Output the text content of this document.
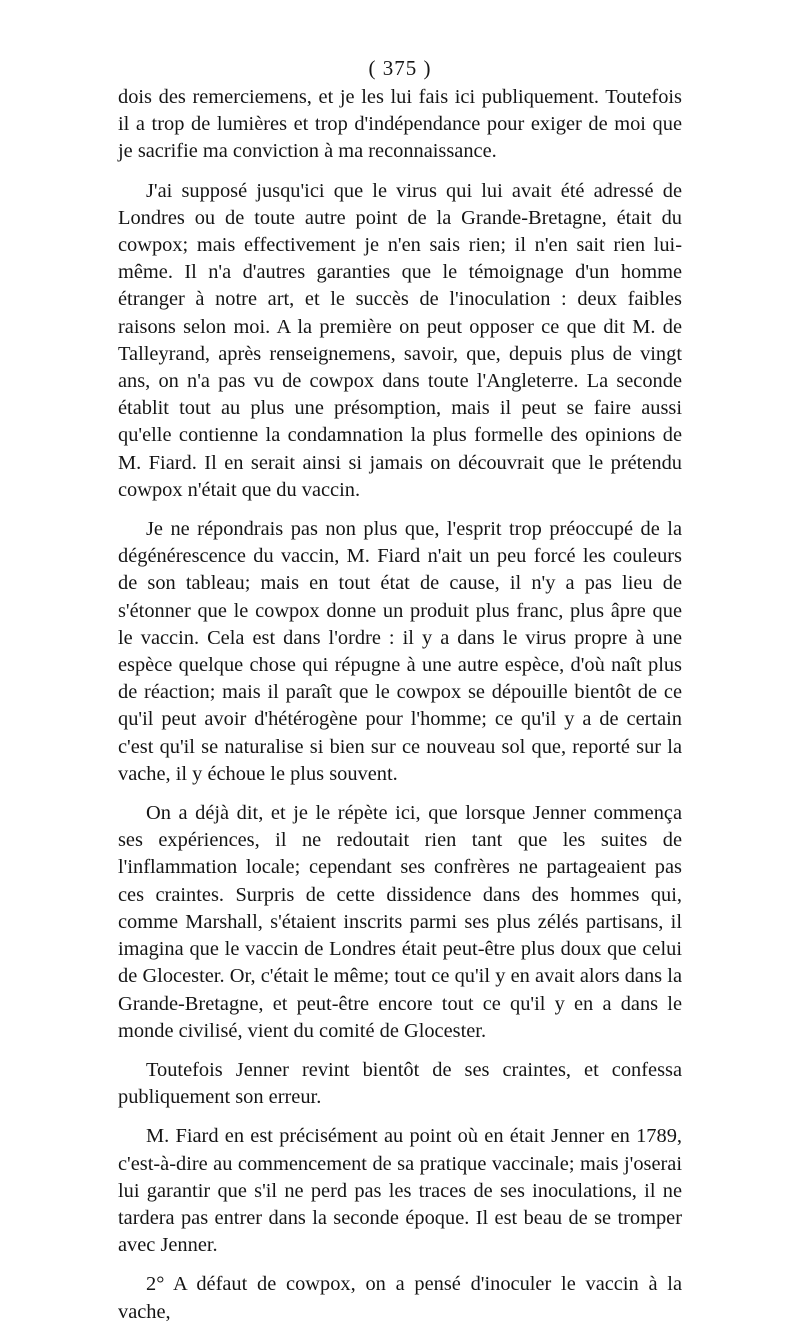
( 375 )

dois des remerciemens, et je les lui fais ici publiquement. Toutefois il a trop de lumières et trop d'indépendance pour exiger de moi que je sacrifie ma conviction à ma reconnaissance.

J'ai supposé jusqu'ici que le virus qui lui avait été adressé de Londres ou de toute autre point de la Grande-Bretagne, était du cowpox; mais effectivement je n'en sais rien; il n'en sait rien lui-même. Il n'a d'autres garanties que le témoignage d'un homme étranger à notre art, et le succès de l'inoculation : deux faibles raisons selon moi. A la première on peut opposer ce que dit M. de Talleyrand, après renseignemens, savoir, que, depuis plus de vingt ans, on n'a pas vu de cowpox dans toute l'Angleterre. La seconde établit tout au plus une présomption, mais il peut se faire aussi qu'elle contienne la condamnation la plus formelle des opinions de M. Fiard. Il en serait ainsi si jamais on découvrait que le prétendu cowpox n'était que du vaccin.

Je ne répondrais pas non plus que, l'esprit trop préoccupé de la dégénérescence du vaccin, M. Fiard n'ait un peu forcé les couleurs de son tableau; mais en tout état de cause, il n'y a pas lieu de s'étonner que le cowpox donne un produit plus franc, plus âpre que le vaccin. Cela est dans l'ordre : il y a dans le virus propre à une espèce quelque chose qui répugne à une autre espèce, d'où naît plus de réaction; mais il paraît que le cowpox se dépouille bientôt de ce qu'il peut avoir d'hétérogène pour l'homme; ce qu'il y a de certain c'est qu'il se naturalise si bien sur ce nouveau sol que, reporté sur la vache, il y échoue le plus souvent.

On a déjà dit, et je le répète ici, que lorsque Jenner commença ses expériences, il ne redoutait rien tant que les suites de l'inflammation locale; cependant ses confrères ne partageaient pas ces craintes. Surpris de cette dissidence dans des hommes qui, comme Marshall, s'étaient inscrits parmi ses plus zélés partisans, il imagina que le vaccin de Londres était peut-être plus doux que celui de Glocester. Or, c'était le même; tout ce qu'il y en avait alors dans la Grande-Bretagne, et peut-être encore tout ce qu'il y en a dans le monde civilisé, vient du comité de Glocester.

Toutefois Jenner revint bientôt de ses craintes, et confessa publiquement son erreur.

M. Fiard en est précisément au point où en était Jenner en 1789, c'est-à-dire au commencement de sa pratique vaccinale; mais j'oserai lui garantir que s'il ne perd pas les traces de ses inoculations, il ne tardera pas entrer dans la seconde époque. Il est beau de se tromper avec Jenner.

2° A défaut de cowpox, on a pensé d'inoculer le vaccin à la vache,
